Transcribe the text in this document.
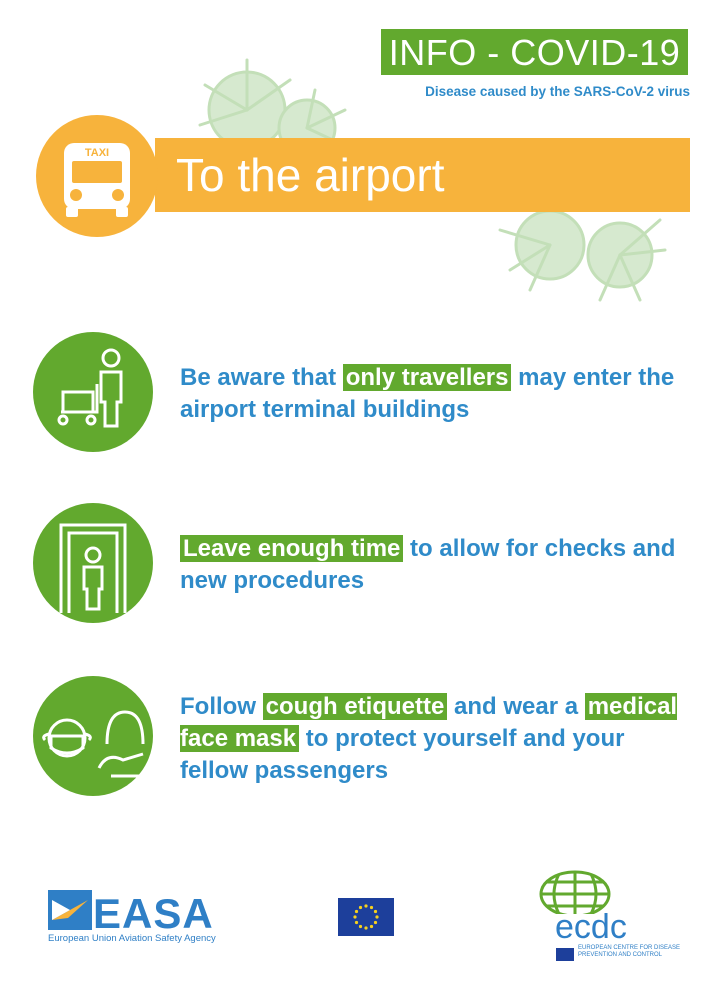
INFO - COVID-19
Disease caused by the SARS-CoV-2 virus
TAXI To the airport
Be aware that only travellers may enter the airport terminal buildings
Leave enough time to allow for checks and new procedures
Follow cough etiquette and wear a medical face mask to protect yourself and your fellow passengers
EASA
European Union Aviation Safety Agency	ecdc
EUROPEAN CENTRE FOR DISEASE PREVENTION AND CONTROL
